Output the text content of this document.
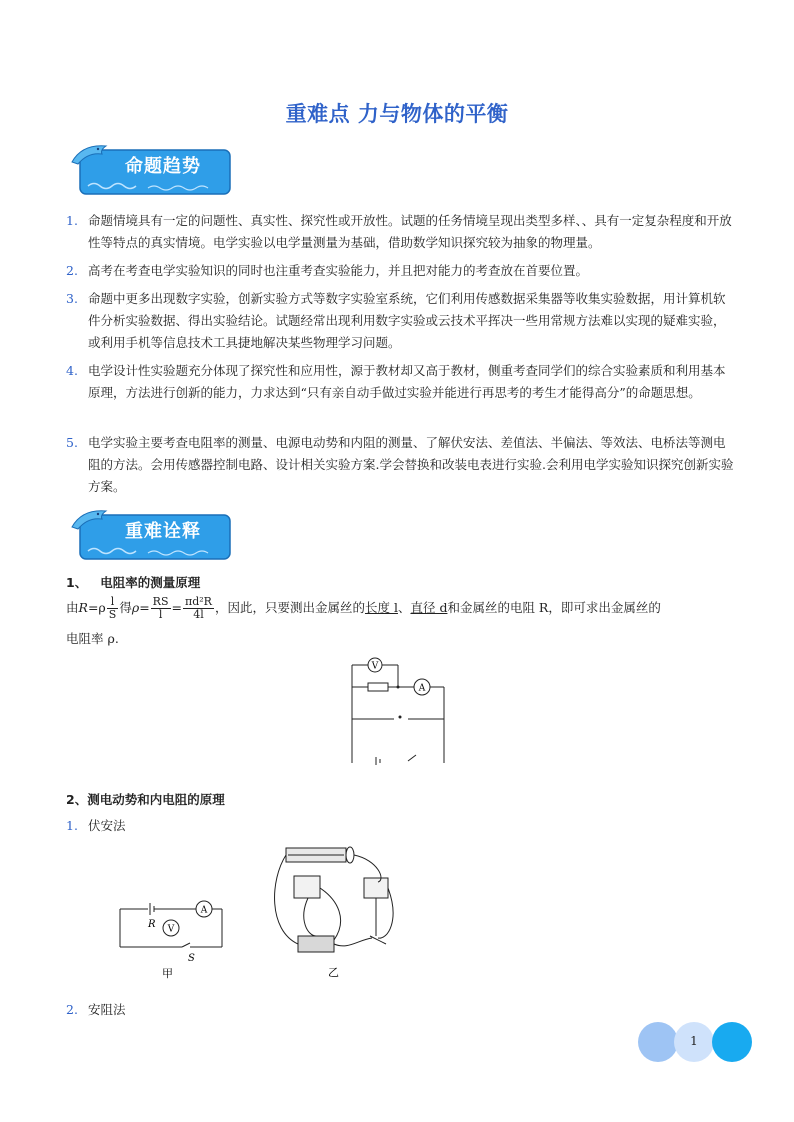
重难点 力与物体的平衡
命题趋势
1. 命题情境具有一定的问题性、真实性、探究性或开放性。试题的任务情境呈现出类型多样、、具有一定复杂程度和开放性等特点的真实情境。电学实验以电学量测量为基础，借助数学知识探究较为抽象的物理量。
2. 高考在考查电学实验知识的同时也注重考查实验能力，并且把对能力的考查放在首要位置。
3. 命题中更多出现数字实验，创新实验方式等数字实验室系统，它们利用传感数据采集器等收集实验数据，用计算机软件分析实验数据、得出实验结论。试题经常出现利用数字实验或云技术平挥决一些用常规方法难以实现的疑难实验，或利用手机等信息技术工具捷地解决某些物理学习问题。
4. 电学设计性实验题充分体现了探究性和应用性，源于教材却又高于教材，侧重考查同学们的综合实验素质和利用基本原理，方法进行创新的能力，力求达到“只有亲自动手做过实验并能进行再思考的考生才能得高分”的命题思想。
5. 电学实验主要考查电阻率的测量、电源电动势和内阻的测量、了解伏安法、差值法、半偏法、等效法、电桥法等测电阻的方法。会用传感器控制电路、设计相关实验方案.学会替换和改装电表进行实验.会利用电学实验知识探究创新实验方案。
重难诠释
1、   电阻率的测量原理
由$R=\rho \frac{l}{S}$ 得$\rho= \frac{RS}{l} = \frac{\text{πd²R}}{4l}$ ，因此，只要测出金属丝的长度 l、直径 d和金属丝的电阻 R，即可求出金属丝的
电阻率 ρ.
V
A
2、测电动势和内电阻的原理
1. 伏安法
A
V
R
S
甲	乙
2. 安阻法
1
